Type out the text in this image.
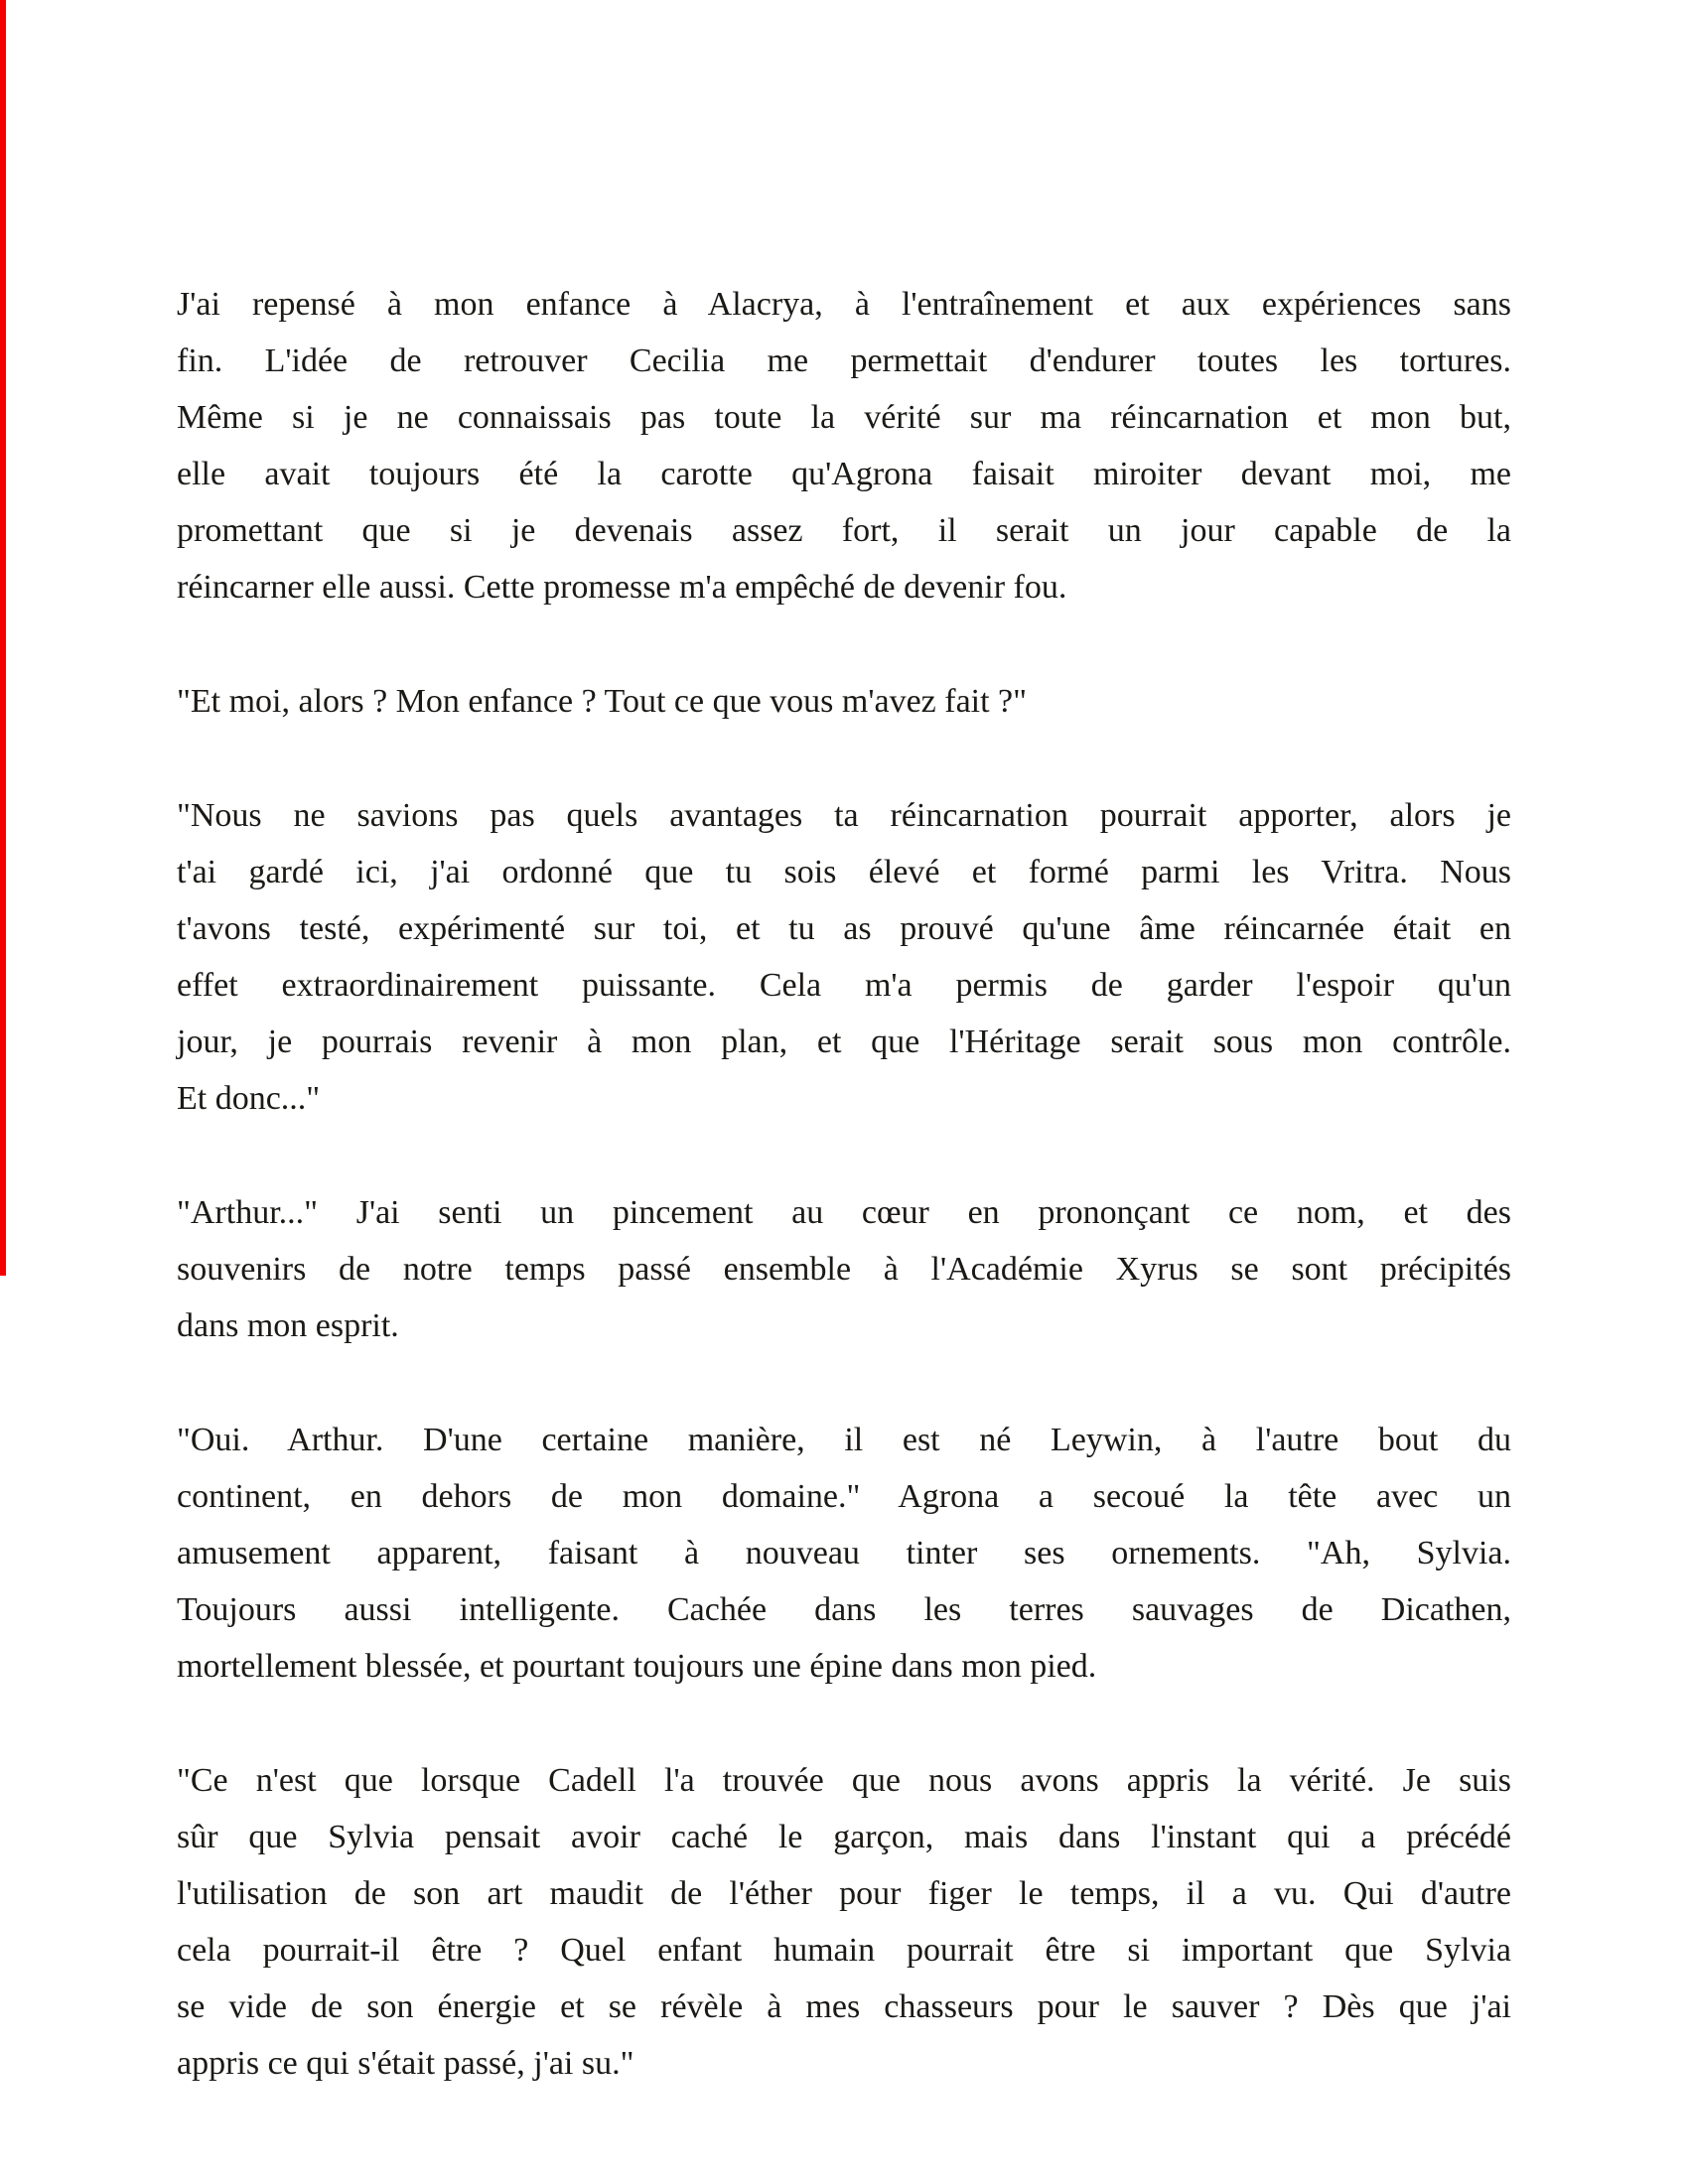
J'ai repensé à mon enfance à Alacrya, à l'entraînement et aux expériences sans
fin. L'idée de retrouver Cecilia me permettait d'endurer toutes les tortures.
Même si je ne connaissais pas toute la vérité sur ma réincarnation et mon but,
elle avait toujours été la carotte qu'Agrona faisait miroiter devant moi, me
promettant que si je devenais assez fort, il serait un jour capable de la
réincarner elle aussi. Cette promesse m'a empêché de devenir fou.
"Et moi, alors ? Mon enfance ? Tout ce que vous m'avez fait ?"
"Nous ne savions pas quels avantages ta réincarnation pourrait apporter, alors je
t'ai gardé ici, j'ai ordonné que tu sois élevé et formé parmi les Vritra. Nous
t'avons testé, expérimenté sur toi, et tu as prouvé qu'une âme réincarnée était en
effet extraordinairement puissante. Cela m'a permis de garder l'espoir qu'un
jour, je pourrais revenir à mon plan, et que l'Héritage serait sous mon contrôle.
Et donc..."
"Arthur..." J'ai senti un pincement au cœur en prononçant ce nom, et des
souvenirs de notre temps passé ensemble à l'Académie Xyrus se sont précipités
dans mon esprit.
"Oui. Arthur. D'une certaine manière, il est né Leywin, à l'autre bout du
continent, en dehors de mon domaine." Agrona a secoué la tête avec un
amusement apparent, faisant à nouveau tinter ses ornements. "Ah, Sylvia.
Toujours aussi intelligente. Cachée dans les terres sauvages de Dicathen,
mortellement blessée, et pourtant toujours une épine dans mon pied.
"Ce n'est que lorsque Cadell l'a trouvée que nous avons appris la vérité. Je suis
sûr que Sylvia pensait avoir caché le garçon, mais dans l'instant qui a précédé
l'utilisation de son art maudit de l'éther pour figer le temps, il a vu. Qui d'autre
cela pourrait-il être ? Quel enfant humain pourrait être si important que Sylvia
se vide de son énergie et se révèle à mes chasseurs pour le sauver ? Dès que j'ai
appris ce qui s'était passé, j'ai su."
